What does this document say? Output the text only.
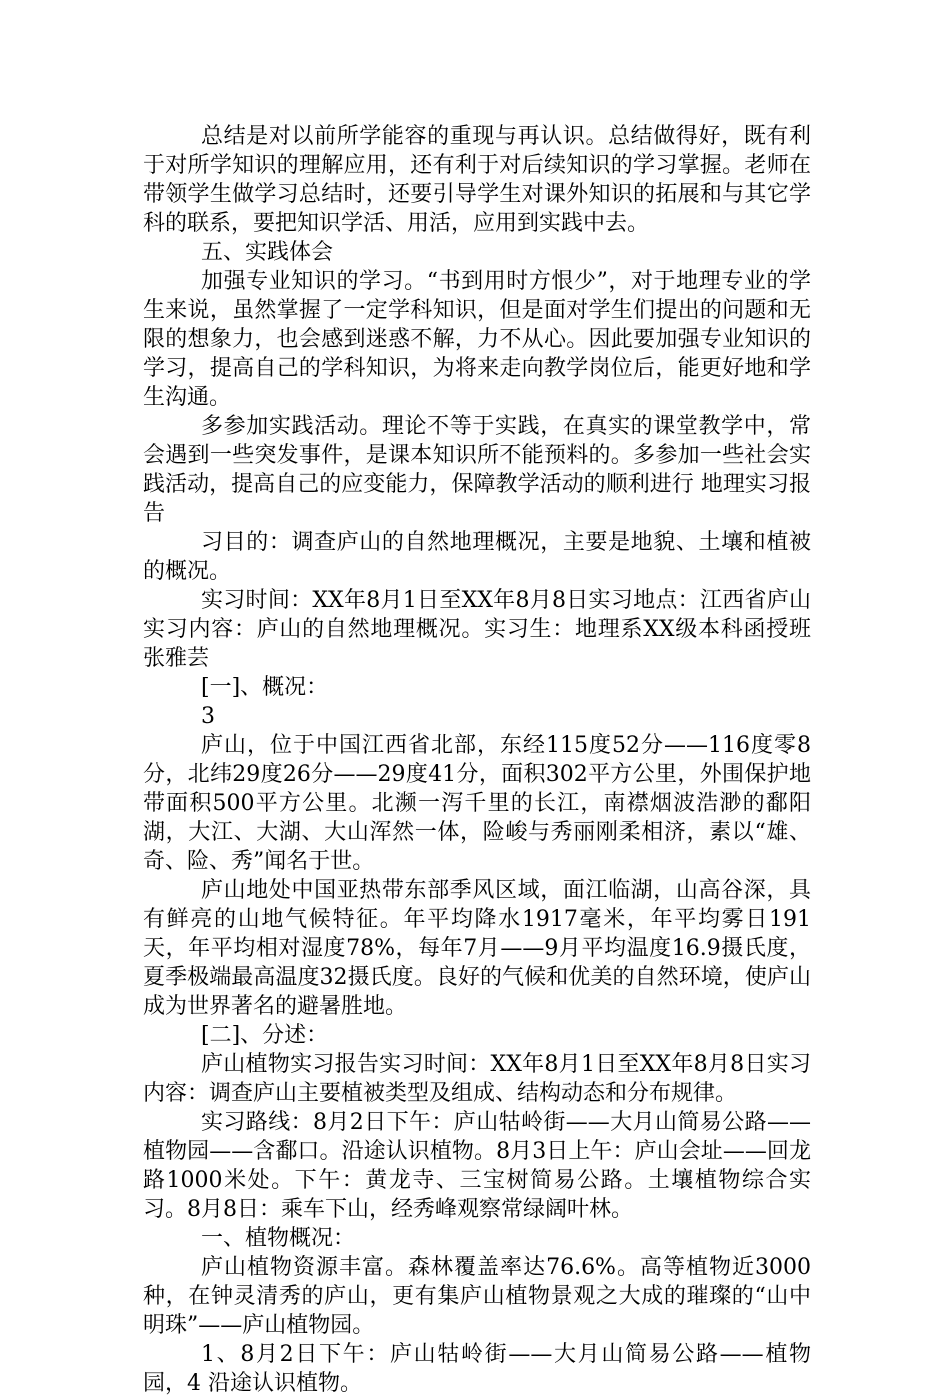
总结是对以前所学能容的重现与再认识。总结做得好，既有利于对所学知识的理解应用，还有利于对后续知识的学习掌握。老师在带领学生做学习总结时，还要引导学生对课外知识的拓展和与其它学科的联系，要把知识学活、用活，应用到实践中去。

五、实践体会

加强专业知识的学习。“书到用时方恨少”，对于地理专业的学生来说，虽然掌握了一定学科知识，但是面对学生们提出的问题和无限的想象力，也会感到迷惑不解，力不从心。因此要加强专业知识的学习，提高自己的学科知识，为将来走向教学岗位后，能更好地和学生沟通。

多参加实践活动。理论不等于实践，在真实的课堂教学中，常会遇到一些突发事件，是课本知识所不能预料的。多参加一些社会实践活动，提高自己的应变能力，保障教学活动的顺利进行 地理实习报告

习目的：调查庐山的自然地理概况，主要是地貌、土壤和植被的概况。

实习时间：XX年8月1日至XX年8月8日实习地点：江西省庐山实习内容：庐山的自然地理概况。实习生：地理系XX级本科函授班张雅芸

[一]、概况：

3

庐山，位于中国江西省北部，东经115度52分——116度零8分，北纬29度26分——29度41分，面积302平方公里，外围保护地带面积500平方公里。北濒一泻千里的长江，南襟烟波浩渺的鄱阳湖，大江、大湖、大山浑然一体，险峻与秀丽刚柔相济，素以“雄、奇、险、秀”闻名于世。

庐山地处中国亚热带东部季风区域，面江临湖，山高谷深，具有鲜亮的山地气候特征。年平均降水1917毫米，年平均雾日191天，年平均相对湿度78%，每年7月——9月平均温度16.9摄氏度，夏季极端最高温度32摄氏度。良好的气候和优美的自然环境，使庐山成为世界著名的避暑胜地。

[二]、分述：

庐山植物实习报告实习时间：XX年8月1日至XX年8月8日实习内容：调查庐山主要植被类型及组成、结构动态和分布规律。

实习路线：8月2日下午：庐山牯岭街——大月山简易公路——植物园——含鄱口。沿途认识植物。8月3日上午：庐山会址——回龙路1000米处。下午：黄龙寺、三宝树简易公路。土壤植物综合实习。8月8日：乘车下山，经秀峰观察常绿阔叶林。

一、植物概况：

庐山植物资源丰富。森林覆盖率达76.6%。高等植物近3000种，在钟灵清秀的庐山，更有集庐山植物景观之大成的璀璨的“山中明珠”——庐山植物园。

1、8月2日下午：庐山牯岭街——大月山简易公路——植物园，4 沿途认识植物。
